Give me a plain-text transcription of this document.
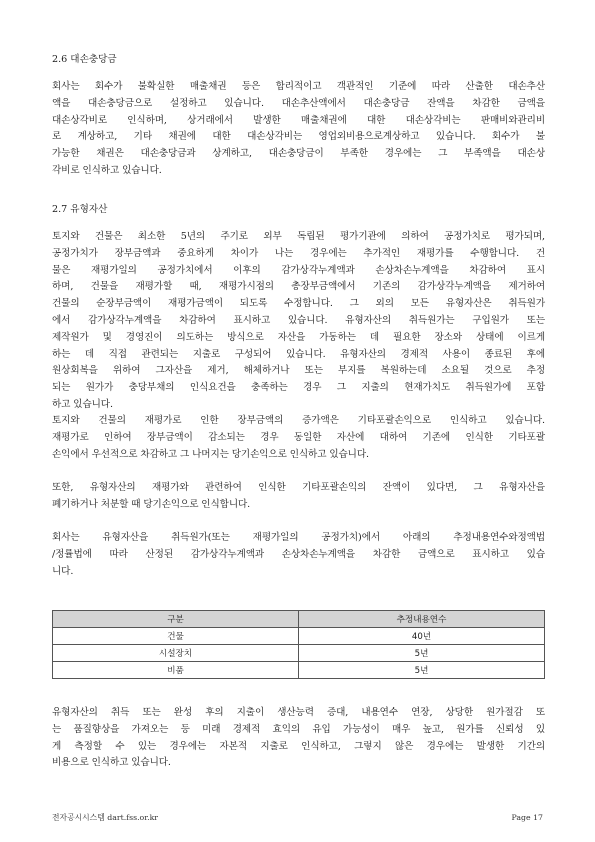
2.6 대손충당금
회사는 회수가 불확실한 매출채권 등은 합리적이고 객관적인 기준에 따라 산출한 대손추산
액을 대손충당금으로 설정하고 있습니다. 대손추산액에서 대손충당금 잔액을 차감한 금액을
대손상각비로 인식하며, 상거래에서 발생한 매출채권에 대한 대손상각비는 판매비와관리비
로 계상하고, 기타 채권에 대한 대손상각비는 영업외비용으로계상하고 있습니다. 회수가 불
가능한 채권은 대손충당금과 상계하고, 대손충당금이 부족한 경우에는 그 부족액을 대손상
각비로 인식하고 있습니다.
2.7 유형자산
토지와 건물은 최소한 5년의 주기로 외부 독립된 평가기관에 의하여 공정가치로 평가되며,
공정가치가 장부금액과 중요하게 차이가 나는 경우에는 추가적인 재평가를 수행합니다. 건
물은 재평가일의 공정가치에서 이후의 감가상각누계액과 손상차손누계액을 차감하여 표시
하며, 건물을 재평가할 때, 재평가시점의 총장부금액에서 기존의 감가상각누계액을 제거하여
건물의 순장부금액이 재평가금액이 되도록 수정합니다. 그 외의 모든 유형자산은 취득원가
에서 감가상각누계액을 차감하여 표시하고 있습니다. 유형자산의 취득원가는 구입원가 또는
제작원가 및 경영진이 의도하는 방식으로 자산을 가동하는 데 필요한 장소와 상태에 이르게
하는 데 직접 관련되는 지출로 구성되어 있습니다. 유형자산의 경제적 사용이 종료된 후에
원상회복을 위하여 그자산을 제거, 해체하거나 또는 부지를 복원하는데 소요될 것으로 추정
되는 원가가 충당부채의 인식요건을 충족하는 경우 그 지출의 현재가치도 취득원가에 포함
하고 있습니다.
토지와 건물의 재평가로 인한 장부금액의 증가액은 기타포괄손익으로 인식하고 있습니다.
재평가로 인하여 장부금액이 감소되는 경우 동일한 자산에 대하여 기존에 인식한 기타포괄
손익에서 우선적으로 차감하고 그 나머지는 당기손익으로 인식하고 있습니다.
또한, 유형자산의 재평가와 관련하여 인식한 기타포괄손익의 잔액이 있다면, 그 유형자산을
폐기하거나 처분할 때 당기손익으로 인식합니다.
회사는 유형자산을 취득원가(또는 재평가일의 공정가치)에서 아래의 추정내용연수와정액법
/정률법에 따라 산정된 감가상각누계액과 손상차손누계액을 차감한 금액으로 표시하고 있습
니다.
구분	추정내용연수
건물	40년
시설장치	5년
비품	5년
유형자산의 취득 또는 완성 후의 지출이 생산능력 증대, 내용연수 연장, 상당한 원가절감 또
는 품질향상을 가져오는 등 미래 경제적 효익의 유입 가능성이 매우 높고, 원가를 신뢰성 있
게 측정할 수 있는 경우에는 자본적 지출로 인식하고, 그렇지 않은 경우에는 발생한 기간의
비용으로 인식하고 있습니다.
전자공시시스템 dart.fss.or.kr	Page 17
